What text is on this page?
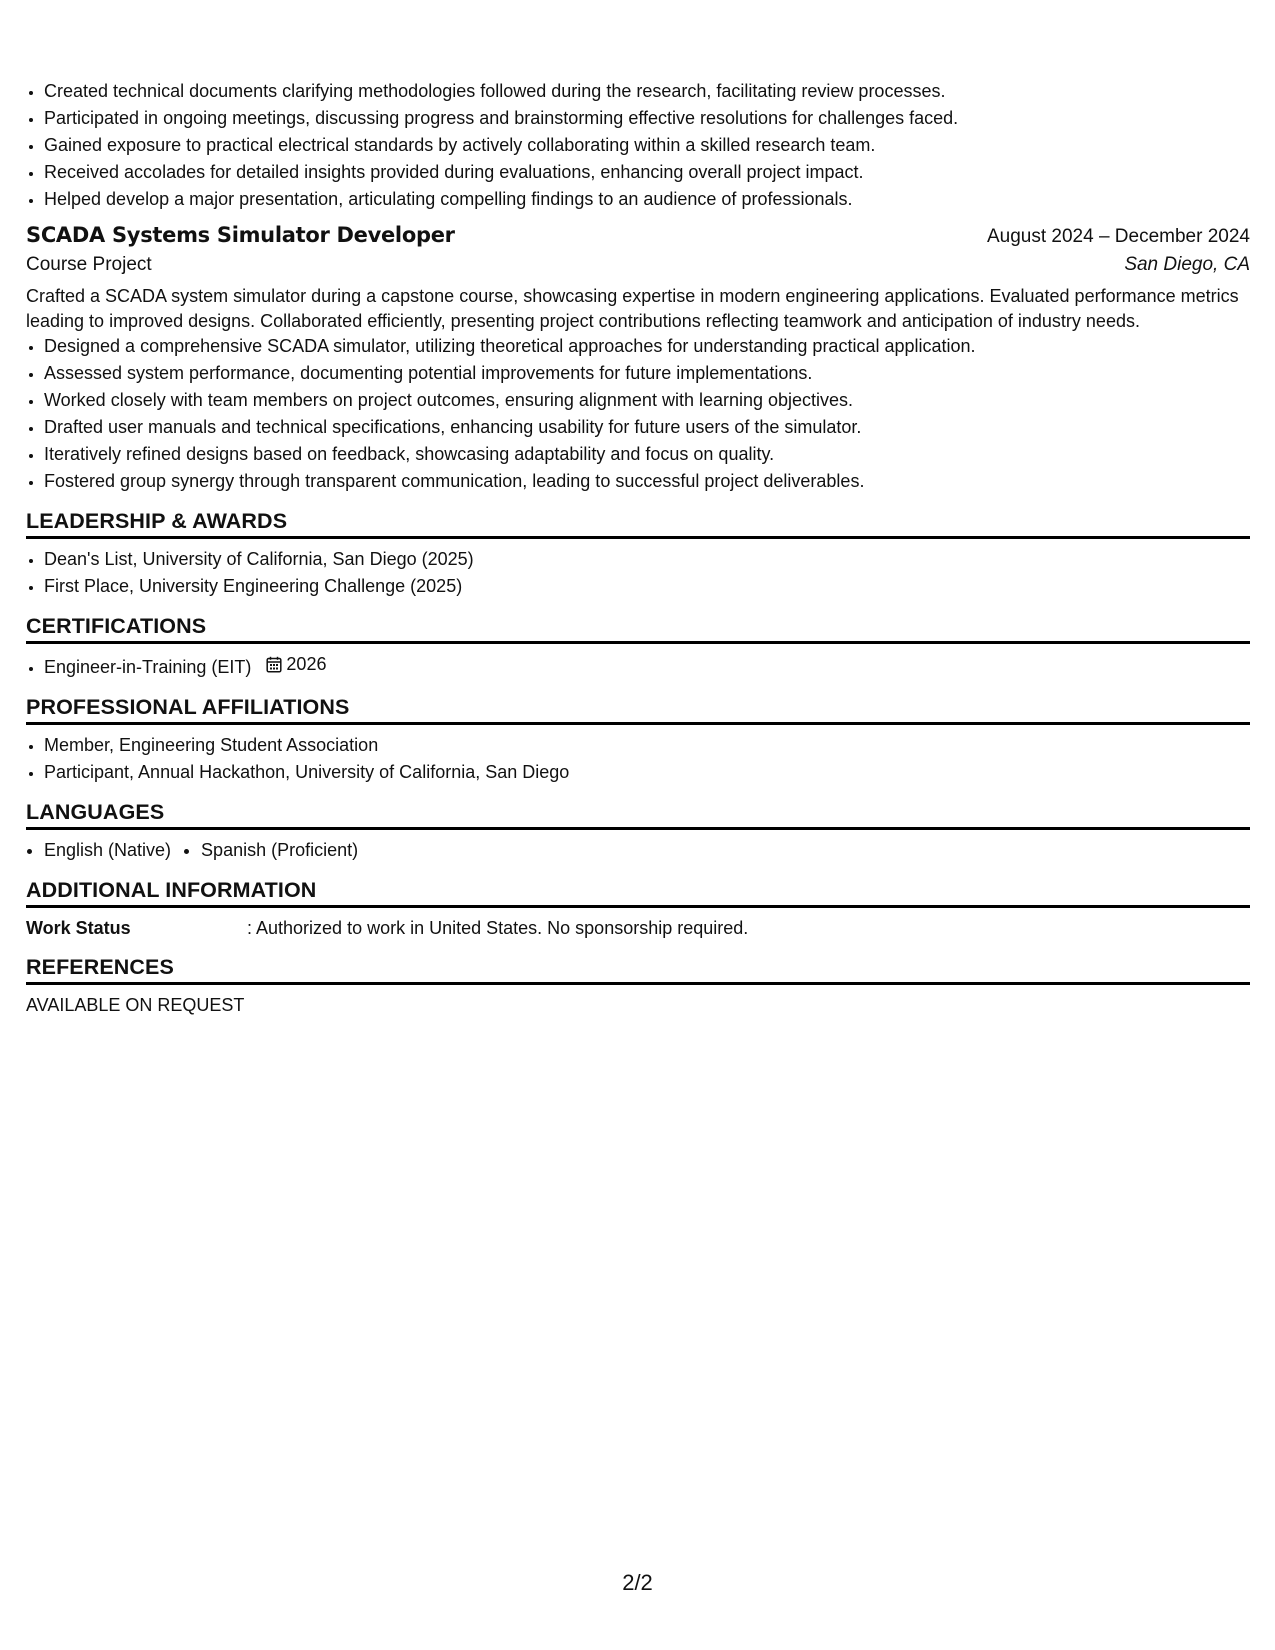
• Created technical documents clarifying methodologies followed during the research, facilitating review processes.
• Participated in ongoing meetings, discussing progress and brainstorming effective resolutions for challenges faced.
• Gained exposure to practical electrical standards by actively collaborating within a skilled research team.
• Received accolades for detailed insights provided during evaluations, enhancing overall project impact.
• Helped develop a major presentation, articulating compelling findings to an audience of professionals.
SCADA Systems Simulator Developer	August 2024 – December 2024
Course Project	San Diego, CA
Crafted a SCADA system simulator during a capstone course, showcasing expertise in modern engineering applications. Evaluated performance metrics leading to improved designs. Collaborated efficiently, presenting project contributions reflecting teamwork and anticipation of industry needs.
• Designed a comprehensive SCADA simulator, utilizing theoretical approaches for understanding practical application.
• Assessed system performance, documenting potential improvements for future implementations.
• Worked closely with team members on project outcomes, ensuring alignment with learning objectives.
• Drafted user manuals and technical specifications, enhancing usability for future users of the simulator.
• Iteratively refined designs based on feedback, showcasing adaptability and focus on quality.
• Fostered group synergy through transparent communication, leading to successful project deliverables.
LEADERSHIP & AWARDS
• Dean's List, University of California, San Diego (2025)
• First Place, University Engineering Challenge (2025)
CERTIFICATIONS
• Engineer-in-Training (EIT) 2026
PROFESSIONAL AFFILIATIONS
• Member, Engineering Student Association
• Participant, Annual Hackathon, University of California, San Diego
LANGUAGES
• English (Native)
• Spanish (Proficient)
ADDITIONAL INFORMATION
Work Status	: Authorized to work in United States. No sponsorship required.
REFERENCES
AVAILABLE ON REQUEST
2/2
